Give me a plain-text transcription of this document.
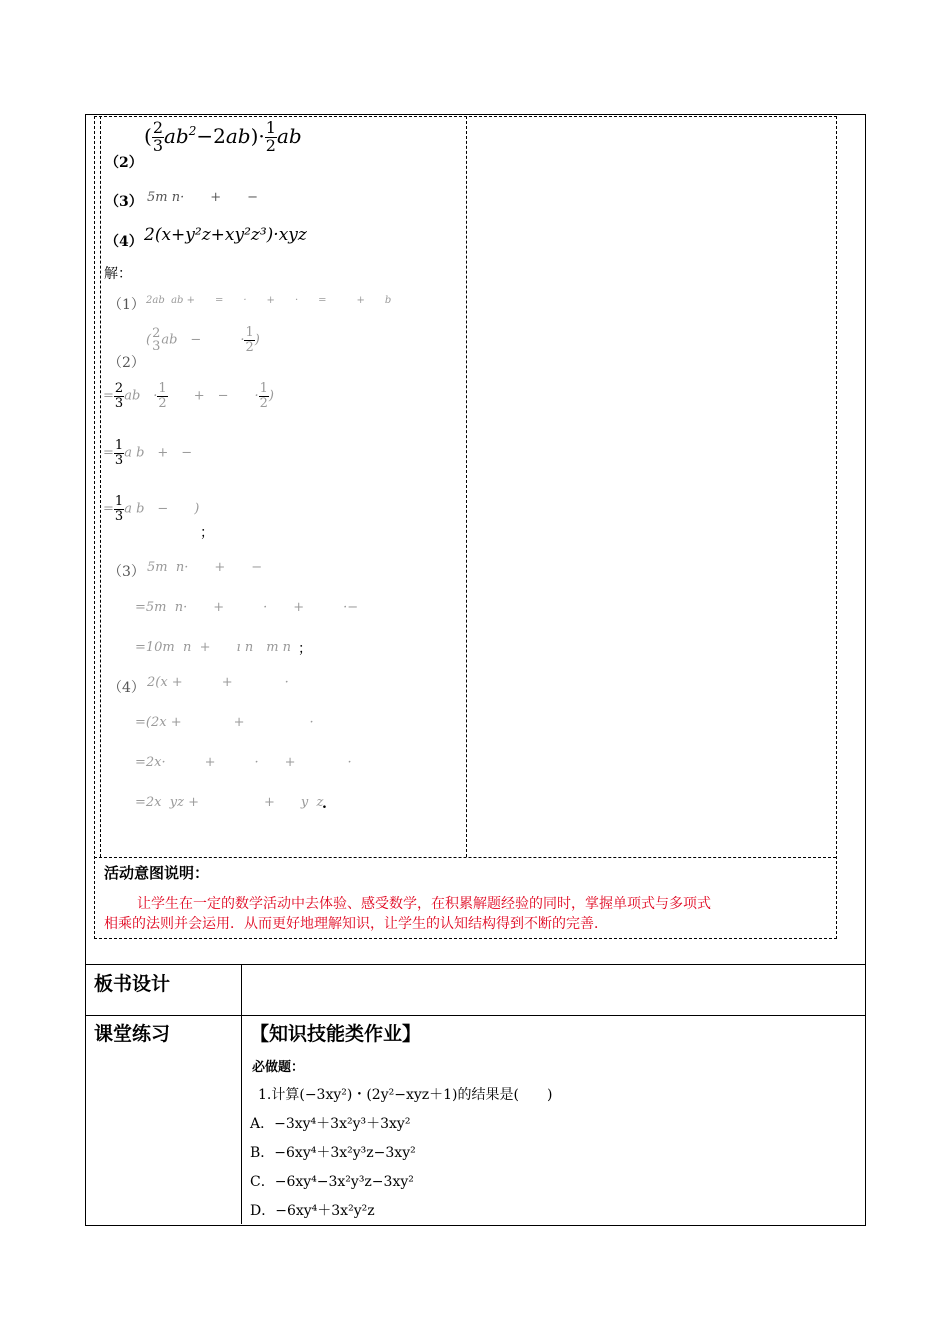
（2）
( $\frac{2}{3} ab^2-2ab)\cdot \frac{1}{2}$ ab
（3） 5m n·　　+　　−
（4） 2(x+y²z+xy²z³)·xyz
解：
（1） 2ab  ab +　　=　　·　　+　　·　　=　　　+　　b
（2）
( 2
3 ab　−　　　· $\frac{1}{2}$ )
= $\frac{2}{3}$ ab　· $\frac{1}{2}$ 　　+　−　　· $\frac{1}{2}$ )
= $\frac{1}{3}$ a b　+　−
= $\frac{1}{3}$ a b　−　　)
；
（3） 5m  n·　　+　　−
=5m  n·　　+　　　·　　+　　　·−
=10m  n  +　　ı n　m n ；
（4） 2(x +　　　+　　　　·
=(2x +　　　　+　　　　　·
=2x·　　　+　　　·　　+　　　　·
=2x  yz +　　　　　+　　y  z
.
活动意图说明：
让学生在一定的数学活动中去体验、感受数学，在积累解题经验的同时，掌握单项式与多项式
相乘的法则并会运用．从而更好地理解知识，让学生的认知结构得到不断的完善．
板书设计
课堂练习	【知识技能类作业】
必做题：
1.计算(−3xy²)・(2y²−xyz＋1)的结果是(　　)
A．−3xy⁴＋3x²y³＋3xy²
B．−6xy⁴＋3x²y³z−3xy²
C．−6xy⁴−3x²y³z−3xy²
D．−6xy⁴＋3x²y²z
